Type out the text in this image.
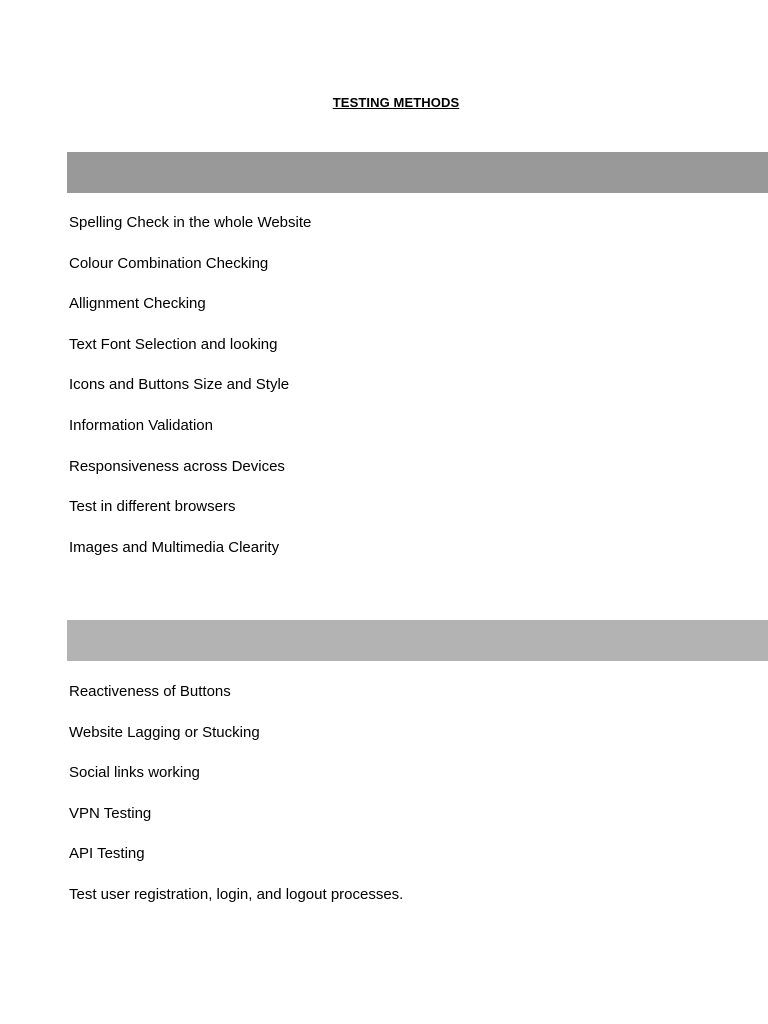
TESTING METHODS
Spelling Check in the whole Website
Colour Combination Checking
Allignment Checking
Text Font Selection and looking
Icons and Buttons Size and Style
Information Validation
Responsiveness across Devices
Test in different browsers
Images and Multimedia Clearity
Reactiveness of Buttons
Website Lagging or Stucking
Social links working
VPN Testing
API Testing
Test user registration, login, and logout processes.
